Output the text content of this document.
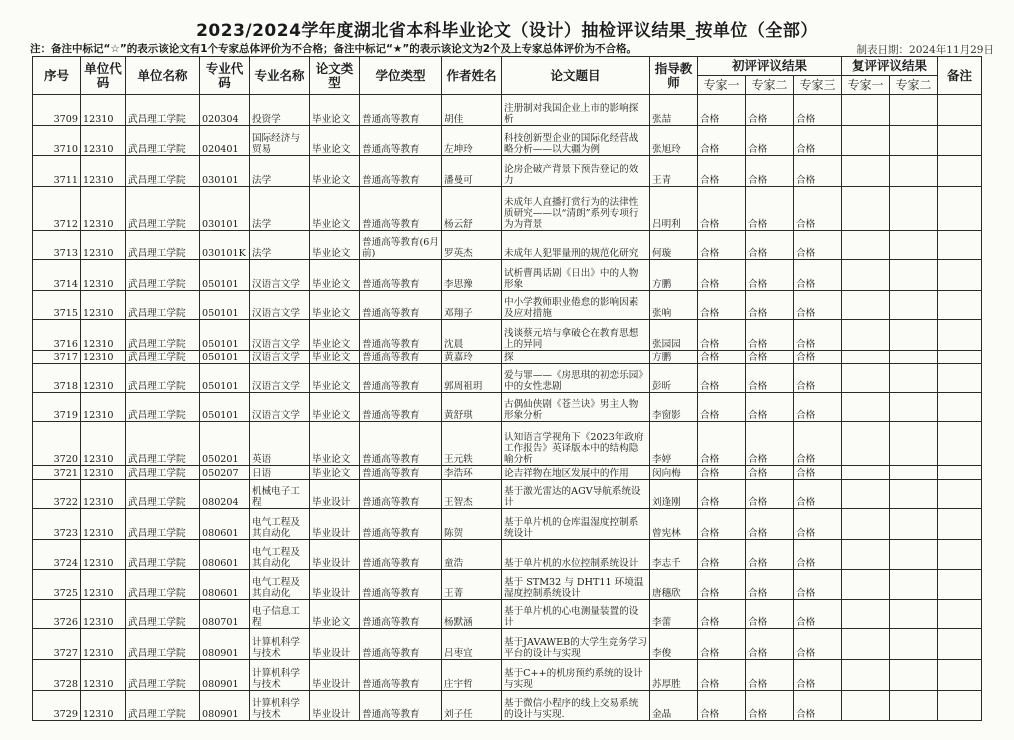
2023/2024学年度湖北省本科毕业论文（设计）抽检评议结果_按单位（全部）
注：备注中标记“☆”的表示该论文有1个专家总体评价为不合格；备注中标记“★”的表示该论文为2个及上专家总体评价为不合格。	制表日期：2024年11月29日
序号	单位代码	单位名称	专业代码	专业名称	论文类型	学位类型	作者姓名	论文题目	指导教师	初评评议结果			复评评议结果		备注
										专家一	专家二	专家三	专家一	专家二	
3709	12310	武昌理工学院	020304	投资学	毕业论文	普通高等教育	胡佳	注册制对我国企业上市的影响探析	张喆	合格	合格	合格			
3710	12310	武昌理工学院	020401	国际经济与贸易	毕业论文	普通高等教育	左坤玲	科技创新型企业的国际化经营战略分析——以大疆为例	张旭玲	合格	合格	合格			
3711	12310	武昌理工学院	030101	法学	毕业论文	普通高等教育	潘曼可	论房企破产背景下预告登记的效力	王青	合格	合格	合格			
3712	12310	武昌理工学院	030101	法学	毕业论文	普通高等教育	杨云舒	未成年人直播打赏行为的法律性质研究——以“清朗”系列专项行为为背景	吕明利	合格	合格	合格			
3713	12310	武昌理工学院	030101K	法学	毕业论文	普通高等教育(6月前)	罗英杰	未成年人犯罪量刑的规范化研究	何璇	合格	合格	合格			
3714	12310	武昌理工学院	050101	汉语言文学	毕业论文	普通高等教育	李思豫	试析曹禺话剧《日出》中的人物形象	方鹏	合格	合格	合格			
3715	12310	武昌理工学院	050101	汉语言文学	毕业论文	普通高等教育	邓翔子	中小学教师职业倦怠的影响因素及应对措施	张响	合格	合格	合格			
3716	12310	武昌理工学院	050101	汉语言文学	毕业论文	普通高等教育	沈晨	浅谈蔡元培与拿破仑在教育思想上的异同	张园园	合格	合格	合格			
3717	12310	武昌理工学院	050101	汉语言文学	毕业论文	普通高等教育	黄嘉玲	探	方鹏	合格	合格	合格			
3718	12310	武昌理工学院	050101	汉语言文学	毕业论文	普通高等教育	郭周祖玥	爱与罪——《房思琪的初恋乐园》中的女性悲剧	彭昕	合格	合格	合格			
3719	12310	武昌理工学院	050101	汉语言文学	毕业论文	普通高等教育	黄舒琪	古偶仙侠剧《苍兰诀》男主人物形象分析	李窗影	合格	合格	合格			
3720	12310	武昌理工学院	050201	英语	毕业论文	普通高等教育	王元轶	认知语言学视角下《2023年政府工作报告》英译版本中的结构隐喻分析	李婷	合格	合格	合格			
3721	12310	武昌理工学院	050207	日语	毕业论文	普通高等教育	李浩环	论吉祥物在地区发展中的作用	闵向梅	合格	合格	合格			
3722	12310	武昌理工学院	080204	机械电子工程	毕业设计	普通高等教育	王智杰	基于激光雷达的AGV导航系统设计	刘逢刚	合格	合格	合格			
3723	12310	武昌理工学院	080601	电气工程及其自动化	毕业设计	普通高等教育	陈贺	基于单片机的仓库温湿度控制系统设计	曾宪林	合格	合格	合格			
3724	12310	武昌理工学院	080601	电气工程及其自动化	毕业设计	普通高等教育	童浩	基于单片机的水位控制系统设计	李志千	合格	合格	合格			
3725	12310	武昌理工学院	080601	电气工程及其自动化	毕业设计	普通高等教育	王菁	基于 STM32 与 DHT11 环境温湿度控制系统设计	唐穗欣	合格	合格	合格			
3726	12310	武昌理工学院	080701	电子信息工程	毕业论文	普通高等教育	杨默涵	基于单片机的心电测量装置的设计	李蕾	合格	合格	合格			
3727	12310	武昌理工学院	080901	计算机科学与技术	毕业设计	普通高等教育	吕枣宜	基于JAVAWEB的大学生竞务学习平台的设计与实现	李俊	合格	合格	合格			
3728	12310	武昌理工学院	080901	计算机科学与技术	毕业设计	普通高等教育	庄宇哲	基于C++的机房预约系统的设计与实现	苏厚胜	合格	合格	合格			
3729	12310	武昌理工学院	080901	计算机科学与技术	毕业设计	普通高等教育	刘子任	基于微信小程序的线上交易系统的设计与实现.	金晶	合格	合格	合格			
